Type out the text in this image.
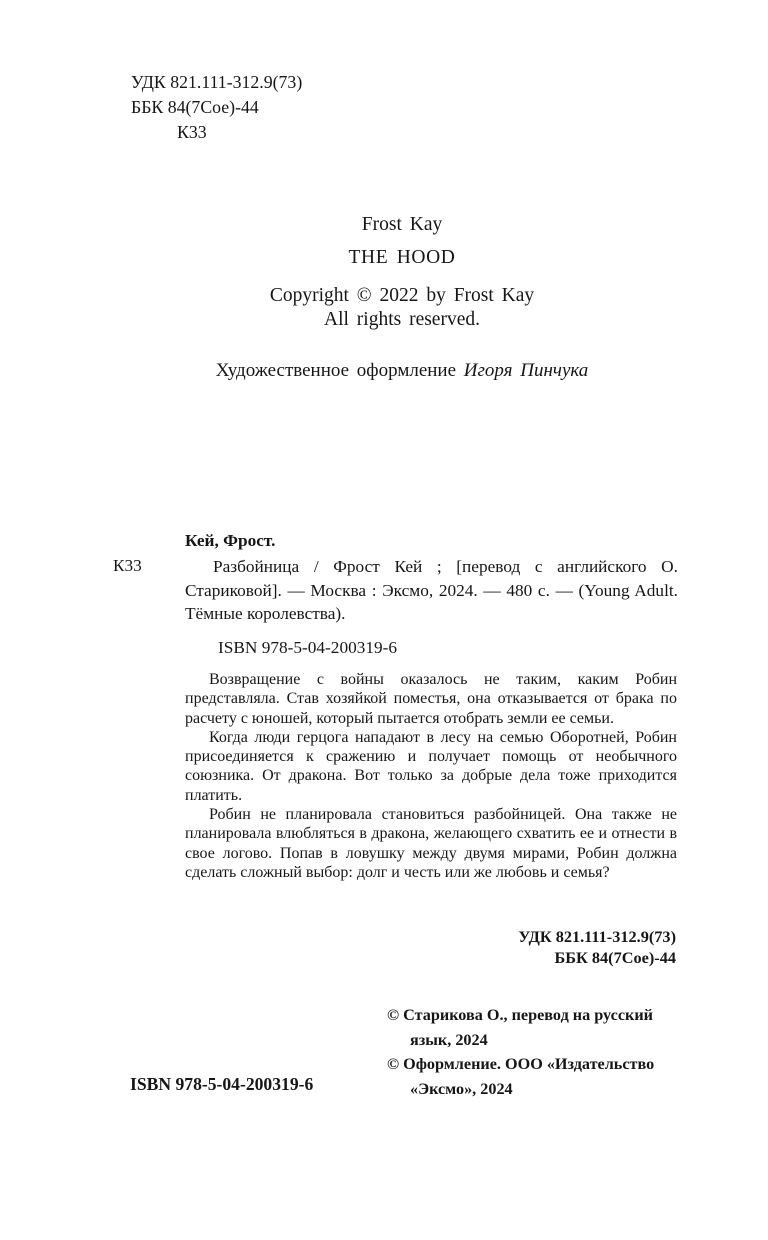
УДК 821.111-312.9(73)
ББК 84(7Сое)-44
К33
Frost Kay
THE HOOD
Copyright © 2022 by Frost Kay
All rights reserved.
Художественное оформление Игоря Пинчука
Кей, Фрост.
К33	Разбойница / Фрост Кей ; [перевод с английского О. Стариковой]. — Москва : Эксмо, 2024. — 480 с. — (Young Adult. Тёмные королевства).
ISBN 978-5-04-200319-6

Возвращение с войны оказалось не таким, каким Робин представляла. Став хозяйкой поместья, она отказывается от брака по расчету с юношей, который пытается отобрать земли ее семьи.

Когда люди герцога нападают в лесу на семью Оборотней, Робин присоединяется к сражению и получает помощь от необычного союзника. От дракона. Вот только за добрые дела тоже приходится платить.

Робин не планировала становиться разбойницей. Она также не планировала влюбляться в дракона, желающего схватить ее и отнести в свое логово. Попав в ловушку между двумя мирами, Робин должна сделать сложный выбор: долг и честь или же любовь и семья?

УДК 821.111-312.9(73)
ББК 84(7Сое)-44
© Старикова О., перевод на русский язык, 2024
© Оформление. ООО «Издательство «Эксмо», 2024
ISBN 978-5-04-200319-6
